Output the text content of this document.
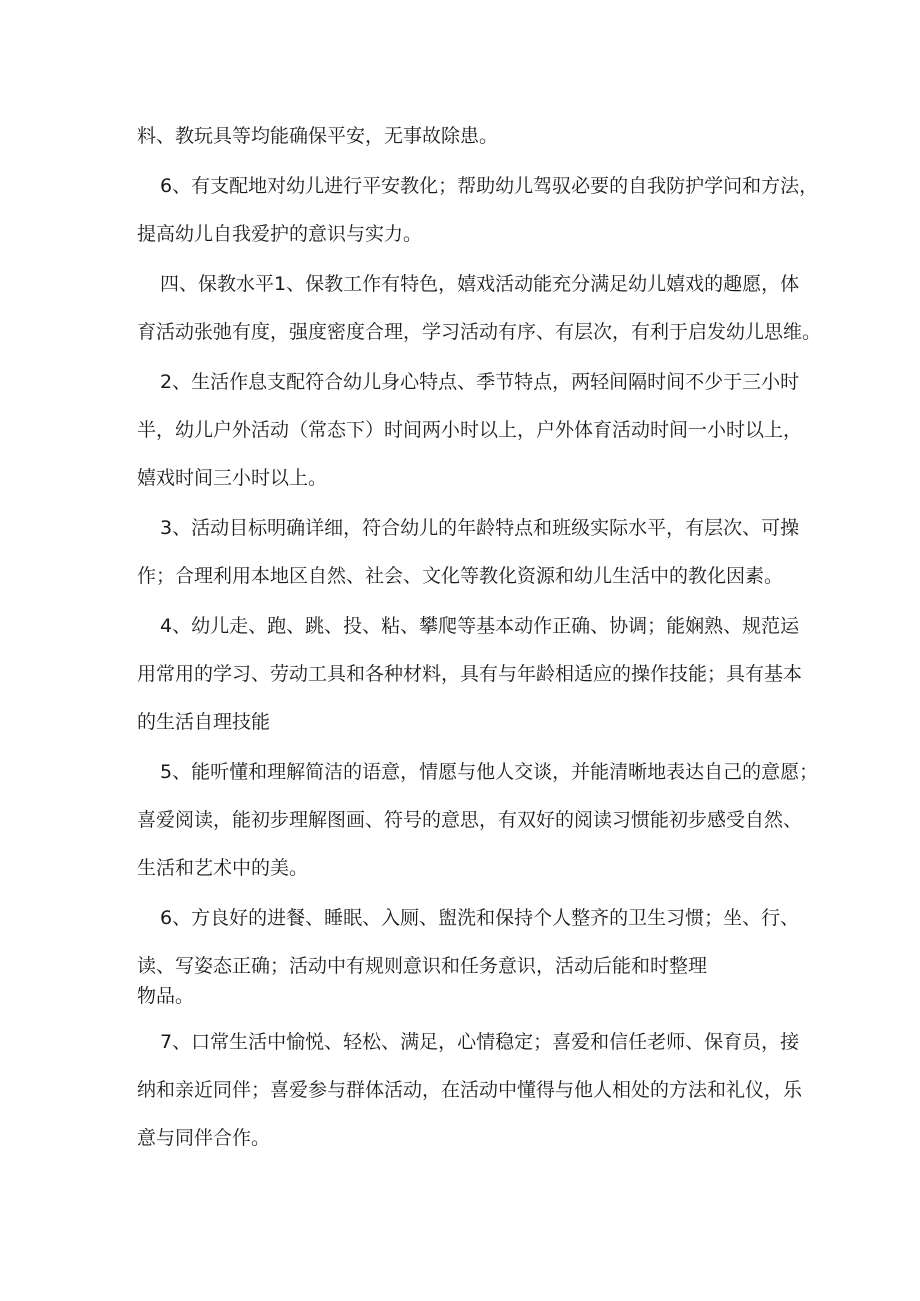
料、教玩具等均能确保平安，无事故除患。

6、有支配地对幼儿进行平安教化；帮助幼儿驾驭必要的自我防护学问和方法，

提高幼儿自我爱护的意识与实力。

四、保教水平1、保教工作有特色，嬉戏活动能充分满足幼儿嬉戏的趣愿，体

育活动张弛有度，强度密度合理，学习活动有序、有层次，有利于启发幼儿思维。

2、生活作息支配符合幼儿身心特点、季节特点，两轻间隔时间不少于三小时

半，幼儿户外活动（常态下）时间两小时以上，户外体育活动时间一小时以上，

嬉戏时间三小时以上。

3、活动目标明确详细，符合幼儿的年龄特点和班级实际水平，有层次、可操

作；合理利用本地区自然、社会、文化等教化资源和幼儿生活中的教化因素。

4、幼儿走、跑、跳、投、粘、攀爬等基本动作正确、协调；能娴熟、规范运

用常用的学习、劳动工具和各种材料，具有与年龄相适应的操作技能；具有基本

的生活自理技能

5、能听懂和理解简洁的语意，情愿与他人交谈，并能清晰地表达自己的意愿；

喜爱阅读，能初步理解图画、符号的意思，有双好的阅读习惯能初步感受自然、

生活和艺术中的美。

6、方良好的进餐、睡眠、入厕、盥洗和保持个人整齐的卫生习惯；坐、行、

读、写姿态正确；活动中有规则意识和任务意识，活动后能和时整理

物品。

7、口常生活中愉悦、轻松、满足，心情稳定；喜爱和信任老师、保育员，接

纳和亲近同伴；喜爱参与群体活动，在活动中懂得与他人相处的方法和礼仪，乐

意与同伴合作。
